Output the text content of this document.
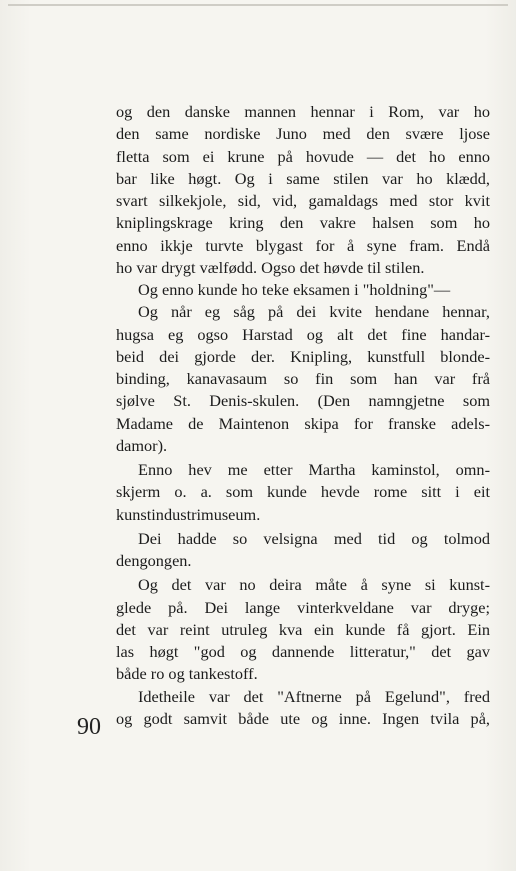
og den danske mannen hennar i Rom, var ho
den same nordiske Juno med den svære ljose
fletta som ei krune på hovude — det ho enno
bar like høgt. Og i same stilen var ho klædd,
svart silkekjole, sid, vid, gamaldags med stor kvit
kniplingskrage kring den vakre halsen som ho
enno ikkje turvte blygast for å syne fram. Endå
ho var drygt vælfødd. Ogso det høvde til stilen.
Og enno kunde ho teke eksamen i "holdning"—
Og når eg såg på dei kvite hendane hennar,
hugsa eg ogso Harstad og alt det fine handar-
beid dei gjorde der. Knipling, kunstfull blonde-
binding, kanavasaum so fin som han var frå
sjølve St. Denis-skulen. (Den namngjetne som
Madame de Maintenon skipa for franske adels-
damor).
Enno hev me etter Martha kaminstol, omn-
skjerm o. a. som kunde hevde rome sitt i eit
kunstindustrimuseum.
Dei hadde so velsigna med tid og tolmod
dengongen.
Og det var no deira måte å syne si kunst-
glede på. Dei lange vinterkveldane var dryge;
det var reint utruleg kva ein kunde få gjort. Ein
las høgt "god og dannende litteratur," det gav
både ro og tankestoff.
Idetheile var det "Aftnerne på Egelund", fred
og godt samvit både ute og inne. Ingen tvila på,
90
